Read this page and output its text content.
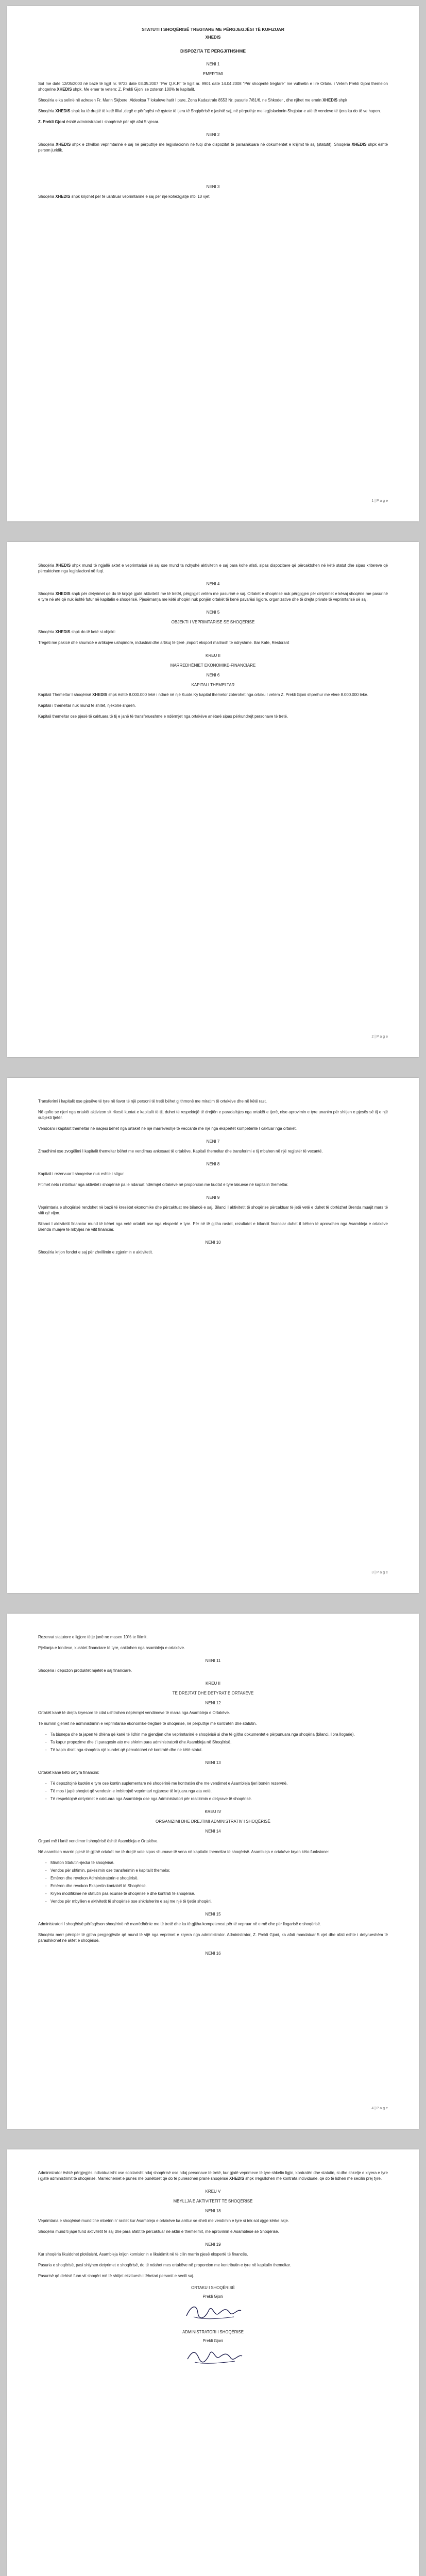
STATUTI I SHOQËRISË TREGTARE ME PËRGJEGJËSI TË KUFIZUAR
XHEDIS
DISPOZITA TË PËRGJITHSHME
NENI 1
EMERTIMI

Sot me date 12/05/2003 në bazë të ligjit nr. 9723 date 03.05.2007 "Per Q.K.R" te ligjit nr. 9901 date 14.04.2008 "Për shoqeritë tregtare" me vullnetin e lire Ortaku i Vetem Prekli Gjoni themelon shoqerine XHEDIS shpk. Me emer te vetem: Z. Prekli Gjoni se zoteron 100% te kapitalit.

Shoqëria e ka selinë në adresen Fr. Marin Skjbere ,Aldeoksa 7 lokaleve hatit I pare, Zona Kadastrale 8553 Nr. pasurie 7/81/6, ne Shkoder , dhe njihet me emrin XHEDIS shpk

Shoqëria XHEDIS shpk ka të drejtë të ketë filial ,degë e përfaqësi në qytete të tjera të Shqipërisë e jashtë saj, në përputhje me legjislacionin Shqiptar e atë të vendeve të tjera ku do të ve hapen.

Z. Prekli Gjoni është administratori i shoqërisë për një afat 5 vjecar.

NENI 2

Shoqëria XHEDIS shpk e zhvillon veprimtarinë e saj në përputhje me legjislacionin në fuqi dhe dispozitat të parashikuara në dokumentet e krijimit të saj (statutit). Shoqëria XHEDIS shpk është person juridik.

NENI 3

Shoqëria XHEDIS shpk krijohet për të ushtruar veprimtarinë e saj për një kohëzgjatje mbi 10 vjet.

1 | P a g e

Shoqëria XHEDIS shpk mund të ngjallë aktet e veprimtarisë së saj ose mund ta ndryshë aktivitetin e saj para kohe afati, sipas dispozitave që përcaktohen në këtë statut dhe sipas kritereve që përcaktohen nga legjislacioni në fuqi.

NENI 4

Shoqëria XHEDIS shpk për detyrimet që do të krijojë gjatë aktivitetit me të tretët, përgjigjet vetëm me pasurinë e saj. Ortakët e shoqërisë nuk përgjigjen për detyrimet e kësaj shoqërie me pasurinë e tyre në atë që nuk është futur në kapitalin e shoqërisë. Pjesëmarrja me këtë shoqëri nuk ponjën ortakët të kenë pavarësi ligjore, organizative dhe të drejta private të veprimtarisë së saj.

NENI 5
OBJEKTI I VEPRIMTARISË SË SHOQËRISË

Shoqëria XHEDIS shpk do të ketë si objekt:

Tregeti me pakicë dhe shumicë e artikujve ushqimore, industrial dhe artikuj të tjerë ,import eksport mallrash te ndryshme. Bar Kafe, Restorant

KREU II
MARREDHËNIET EKONOMIKE-FINANCIARE
NENI 6
KAPITALI THEMELTAR

Kapitali Themeltar I shoqërisë XHEDIS shpk është 8.000.000 lekë i ndarë në një Kuote.Ky kapital themelor zoterohet nga ortaku I vetem Z. Prekli Gjoni shprehur me vlere 8.000.000 leke.

Kapitali i themeltar nuk mund të shitet, njëkohë shpreh.

Kapitali themeltar ose pjesë të caktuara të tij e janë të transferueshme e ndërmjet nga ortakëve anëtarë sipas përkundrejt personave të tretë.

2 | P a g e

Transferimi i kapitalit ose pjesëve të tyre në favor të një personi të tretë bëhet gjithmonë me miratim të ortakëve dhe në këtë rast.

Në qofte se njeri nga ortakët aktivizon sit rikesë kuotat e kapitalit të tij, duhet të respektojë të drejtën e paradalisjes nga ortakët e tjerë, nise aprovimin e tyre unanim për shitjen e pjesës së tij e një subjekti tjetër.

Vendosni i kapitalit themeltar në naqesi bëhet nga ortakët në një marrëveshje të veccantë me një nga ekspertët kompetente I caktuar nga ortakët.

NENI 7

Zmadhimi ose zvogëlimi I kapitalit themeltar bëhet me vendimas ankesaat të ortakëve. Kapitali themeltar dhe transferimi e tij mbahen në një regjistër të vecantë.

NENI 8

Kapitali i rezervuar I shoqerise nuk eshte i stigur.

Fitimet neto i mbrlluar nga aktivitet i shoqërisë pa le ndaruat ndërmjet ortakëve në proporcion me kuotat e tyre lakuese në kapitalin themeltar.

NENI 9

Veprimtaria e shoqërisë rendohet në bazë të kresëtet ekonomike dhe përcaktuat me bilancë e saj. Bilanci I aktivitetit të shoqërise përcaktuar të jetë vetë e duhet të dortëzhet Brenda muajit mars të vitit që vijon.

Bilanci I aktivitetit financiar mund të bëhet nga vetë ortakët ose nga ekspertë e tyre. Për në të gjitha rastet, rezultatet e bilancit financiar duhet tl bëhen të aprovohen nga Asambleja e ortakëve Brenda muajve të mbyljes në vitit financiar.

NENI 10

Shoqëria krijon fondet e saj për zhvillimin e zgjerimin e aktivitetit.

3 | P a g e

Rezervat statutore e ligjore të je janë ne masen 10% te fitimit.

Pjeltanja e fondeve, kushtet financiare të tyre, caktohen nga asambleja e ortakëve.

NENI 11

Shoqëria i depozon produktet mjetet e saj financiare.

KREU II
TË DREJTAT DHE DETYRAT E ORTAKËVE
NENI 12

Ortakët kanë të drejta kryesore të cilat ushtrohen nëpërmjet vendimeve të marra nga Asambleja e Ortakëve.

Të numrin gjeneit ne administrimin e veprimtarise ekonomike-tregtare të shoqërisë, në përputhje me kontratën dhe statutin.

- Ta bisnepa dhe ta japen të dhëna që kanë të lidhin me gjendjen dhe veprimtarinë e shoqërisë si dhe të gjitha dokumentet e përpunuara nga shoqëria (bilanci, libra llogarie).
- Ta kapur propozime dhe t'i paraqesin ato me shkrim para administratorit dhe Asambleja në Shoqërisë.
- Të kapin disrit nga shoqëria një kundet që përcaktohet në kontratë dhe ne këtë statut.
NENI 13

Ortakët kanë këto detyra financim:

- Të depozitojnë kuotën e tyre ose kontin suplementare në shoqërinë me kontratën dhe me vendimet e Asambleja tjeri bonën rezervnë.
- Të mos i japë sheqiet që vendosin e imbitrojnë veprimtari ngjarese të krijuara nga ata vetë.
- Të respektojnë detyrimet e caktuara nga Asambleja ose nga Administratori për realizimin e detyrave të shoqërisë.
KREU IV
ORGANIZIMI DHE DREJTIMI ADMINISTRATIV I SHOQËRISË
NENI 14

Organi më i lartë vendimor i shoqërisë është Asambleja e Ortakëve.

Në asamblen marrin pjesë të gjithë ortakët me të drejtë vote sipas shumave të vena në kapitalin themeltar të shoqërisë. Asambleja e ortakëve kryen këto funksione:

- Miraton Statutin-rjedur të shoqërisë.
- Vendos për shtimin, pakësimin ose transferimin e kapitalit themelor.
- Emëron dhe revokon Administratorin e shoqërisë.
- Emëron dhe revokon Ekspertin kontabël të Shoqërisë.
- Kryen modifikime në statutin pas ecurise të shoqërisë e dhe kontrati të shoqërisë.
- Vendos për mbyllien e aktivitetit të shoqërisë ose shkrisherim e saj me një të tjetër shoqëri.
NENI 15

Administratori I shoqërisë përfaqëson shoqërinë në marrëdhënie me të tretë dhe ka të gjitha kompetencat për të vepruar në e më dhe për llogarisë e shoqërisë.

Shoqëria merr përsipër të gjitha pergjegjësite që mund të vijë nga veprimet e kryera nga administrator. Administrator, Z. Prekli Gjoni, ka afati mandatuar 5 vjet dhe afati eshte i detyrueshëm të parashikohet në aktet e shoqërisë.

NENI 16
4 | P a g e

Administrator është përgjegjës individualisht ose solidarisht ndaj shoqërisë ose ndaj personave të tretë, kur gjatë veprimeve të tyre shkelin ligjin, kontratën dhe statutin, si dhe shkelje e kryera e tyre i gjatë administrimit të shoqërisë. Marrëdhëniet e punës me punëtorët që do të punësohen pranë shoqërisë XHEDIS shpk rregullohen me kontrata individuale, që do të lidhen me secilin prej tyre.

KREU V
MBYLLJA E AKTIVITETIT TË SHOQËRISË
NENI 18

Veprimtaria e shoqërisë mund t'ne mbetnn n' rastet kur Asambleja e ortakëve ka arritur se sheti me vendimin e tyre si tek sot ajgje kërke akje.

Shoqëria mund ti japë fund aktivitetit të saj dhe para afatit të përcaktuar në aktin e themelimit, me aprovimin e Asamblesë së Shoqërisë.

NENI 19

Kur shoqëria likuidohet plotësisht, Asambleja krijon komisionin e likuidimit në të cilin marrin pjesë ekspertë të financës.

Pasuria e shoqërisë, pasi shlyhen detyrimet e shoqërisë, do të ndahet mes ortakëve në proporcion me kontributin e tyre në kapitalin themeltar.

Pasurisë që dehisë fuan vit shoqëri më të shitjet ekzituesh i tëhetari personit e secili saj.

ORTAKU I SHOQËRISË
Prekli Gjoni
ADMINISTRATORI I SHOQËRISË
Prekli Gjoni
